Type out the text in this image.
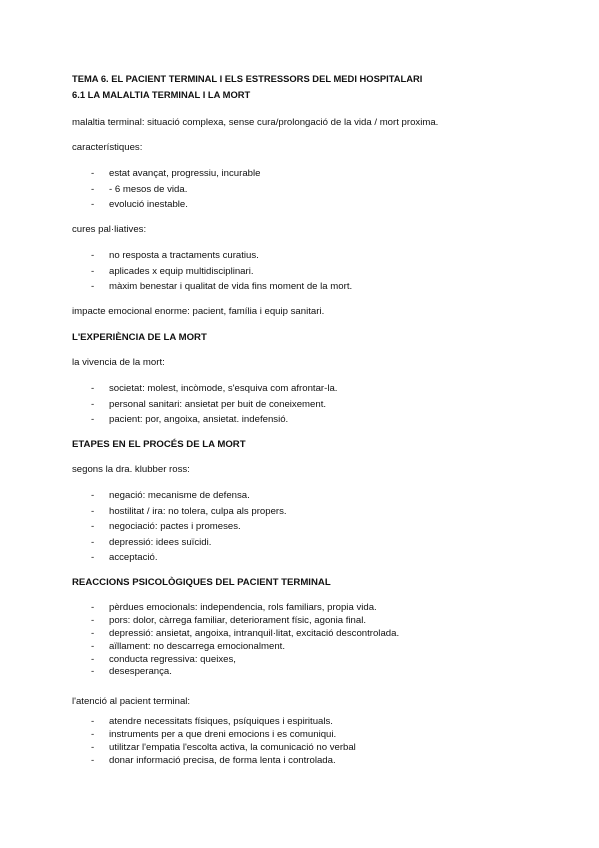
TEMA 6. EL PACIENT TERMINAL I ELS ESTRESSORS DEL MEDI HOSPITALARI

6.1 LA MALALTIA TERMINAL I LA MORT

malaltia terminal: situació complexa, sense cura/prolongació de la vida / mort proxima.

característiques:

- estat avançat, progressiu, incurable
- - 6 mesos de vida.
- evolució inestable.

cures pal·liatives:

- no resposta a tractaments curatius.
- aplicades x equip multidisciplinari.
- màxim benestar i qualitat de vida fins moment de la mort.

impacte emocional enorme: pacient, família i equip sanitari.

L'EXPERIÈNCIA DE LA MORT

la vivencia de la mort:

- societat: molest, incòmode, s'esquiva com afrontar-la.
- personal sanitari: ansietat per buit de coneixement.
- pacient: por, angoixa, ansietat. indefensió.

ETAPES EN EL PROCÉS DE LA MORT

segons la dra. klubber ross:

- negació: mecanisme de defensa.
- hostilitat / ira: no tolera, culpa als propers.
- negociació: pactes i promeses.
- depressió: idees suïcidi.
- acceptació.

REACCIONS PSICOLÒGIQUES DEL PACIENT TERMINAL

- pèrdues emocionals: independencia, rols familiars, propia vida.
- pors: dolor, càrrega familiar, deteriorament físic, agonia final.
- depressió: ansietat, angoixa, intranquil·litat, excitació descontrolada.
- aïllament: no descarrega emocionalment.
- conducta regressiva: queixes,
- desesperança.

l'atenció al pacient terminal:

- atendre necessitats físiques, psíquiques i espirituals.
- instruments per a que dreni emocions i es comuniqui.
- utilitzar l'empatia l'escolta activa, la comunicació no verbal
- donar informació precisa, de forma lenta i controlada.
